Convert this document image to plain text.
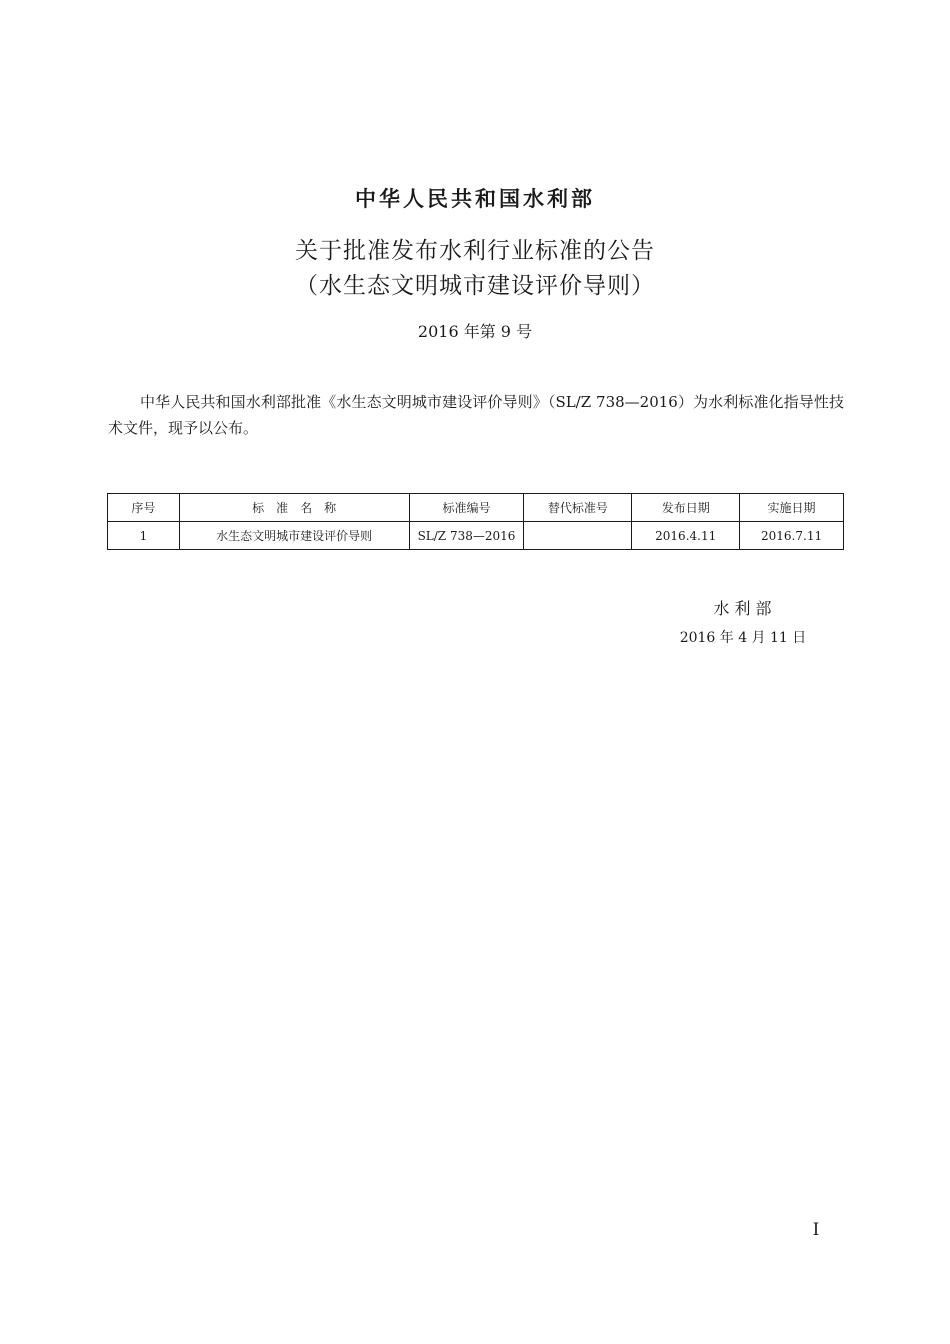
中华人民共和国水利部
关于批准发布水利行业标准的公告
（水生态文明城市建设评价导则）
2016 年第 9 号
中华人民共和国水利部批准《水生态文明城市建设评价导则》（SL/Z 738—2016）为水利标准化指导性技术文件，现予以公布。
序号	标　准　名　称	标准编号	替代标准号	发布日期	实施日期
1	水生态文明城市建设评价导则	SL/Z 738—2016		2016.4.11	2016.7.11
水利部
2016 年 4 月 11 日
I
